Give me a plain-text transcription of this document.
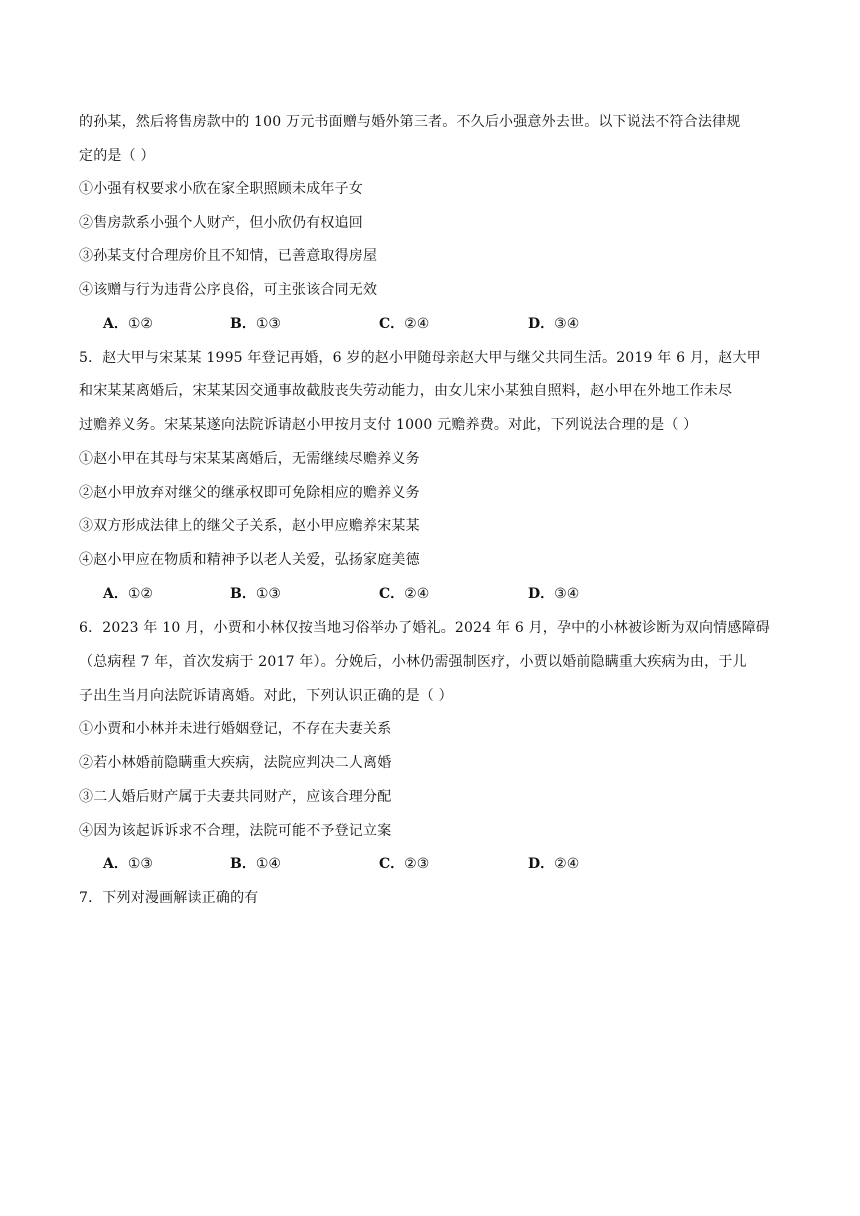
的孙某，然后将售房款中的 100 万元书面赠与婚外第三者。不久后小强意外去世。以下说法不符合法律规
定的是（ ）
①小强有权要求小欣在家全职照顾未成年子女
②售房款系小强个人财产，但小欣仍有权追回
③孙某支付合理房价且不知情，已善意取得房屋
④该赠与行为违背公序良俗，可主张该合同无效
A．①②	B．①③	C．②④	D．③④
5．赵大甲与宋某某 1995 年登记再婚，6 岁的赵小甲随母亲赵大甲与继父共同生活。2019 年 6 月，赵大甲
和宋某某离婚后，宋某某因交通事故截肢丧失劳动能力，由女儿宋小某独自照料，赵小甲在外地工作未尽
过赡养义务。宋某某遂向法院诉请赵小甲按月支付 1000 元赡养费。对此，下列说法合理的是（ ）
①赵小甲在其母与宋某某离婚后，无需继续尽赡养义务
②赵小甲放弃对继父的继承权即可免除相应的赡养义务
③双方形成法律上的继父子关系，赵小甲应赡养宋某某
④赵小甲应在物质和精神予以老人关爱，弘扬家庭美德
A．①②	B．①③	C．②④	D．③④
6．2023 年 10 月，小贾和小林仅按当地习俗举办了婚礼。2024 年 6 月，孕中的小林被诊断为双向情感障碍
（总病程 7 年，首次发病于 2017 年）。分娩后，小林仍需强制医疗，小贾以婚前隐瞒重大疾病为由，于儿
子出生当月向法院诉请离婚。对此，下列认识正确的是（ ）
①小贾和小林并未进行婚姻登记，不存在夫妻关系
②若小林婚前隐瞒重大疾病，法院应判决二人离婚
③二人婚后财产属于夫妻共同财产，应该合理分配
④因为该起诉诉求不合理，法院可能不予登记立案
A．①③	B．①④	C．②③	D．②④
7．下列对漫画解读正确的有
